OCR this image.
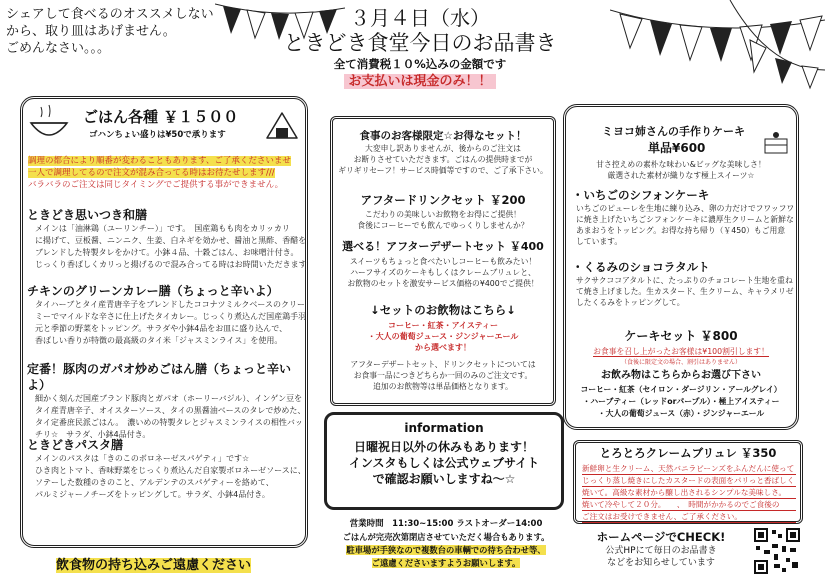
シェアして食べるのオススメしない
から、取り皿はあげません。
ごめんなさい。。。
３月４日（水）
ときどき食堂今日のお品書き
全て消費税１０%込みの金額です
お支払いは現金のみ！！
ごはん各種 ￥１５００
ゴハンちょい盛りは¥50で承ります
調理の都合により順番が変わることもあります、ご了承くださいませ
一人で調理してるので注文が混み合ってる時はお待たせします///
バラバラのご注文は同じタイミングでご提供する事ができません。
ときどき思いつき和膳
メインは「油淋鶏（ユーリンチー）」です。　国産鶏もも肉をカリッカリ
に揚げて、豆板醤、ニンニク、生姜、白ネギを効かせ、醤油と黒酢、香醋を
ブレンドした特製タレをかけて。小鉢４品、十穀ごはん、お味噌汁付き。
じっくり香ばしくカリっと揚げるので混み合ってる時はお時間いただきます
チキンのグリーンカレー膳（ちょっと辛いよ）
タイハーブとタイ産青唐辛子をブレンドしたココナツミルクベースのクリー
ミーでマイルドな辛さに仕上げたタイカレー。じっくり煮込んだ国産鶏手羽
元と季節の野菜をトッピング。サラダや小鉢4品をお皿に盛り込んで、
香ばしい香りが特徴の最高級のタイ米「ジャスミンライス」を使用。
定番！豚肉のガパオ炒めごはん膳（ちょっと辛いよ）
細かく刻んだ国産ブランド豚肉とガパオ（ホーリーバジル）、インゲン豆を
タイ産青唐辛子、オイスターソース、タイの黒醤油ベースのタレで炒めた、
タイ定番庶民派ごはん。　濃いめの特製タレとジャスミンライスの相性バッ
チリ☆　サラダ、小鉢4品付き。
ときどきパスタ膳
メインのパスタは「きのこのボロネーゼスパゲティ」です☆
ひき肉とトマト、香味野菜をじっくり煮込んだ自家製ボロネーゼソースに、
ソテーした数種のきのこと、アルデンテのスパゲティーを絡めて、
パルミジャーノチーズをトッピングして。サラダ、小鉢4品付き。
飲食物の持ち込みご遠慮ください
食事のお客様限定☆お得なセット！
大変申し訳ありませんが、後からのご注文は
お断りさせていただきます。ごはんの提供時までが
ギリギリセーフ！サービス時価等ですので、ご了承下さい。
アフタードリンクセット ￥200
こだわりの美味しいお飲物をお得にご提供！
食後にコーヒーでも飲んでゆっくりしませんか？
選べる！アフターデザートセット ￥400
スイーツもちょっと食べたいしコーヒーも飲みたい！
ハーフサイズのケーキもしくはクレームブリュレと、
お飲物のセットを激安サービス価格の¥400でご提供！
↓セットのお飲物はこちら↓
コーヒー・紅茶・アイスティー
・大人の葡萄ジュース・ジンジャーエール
から選べます！
アフターデザートセット、ドリンクセットについては
お食事一品につきどちらか一回のみのご注文です。
追加のお飲物等は単品価格となります。
information
日曜祝日以外の休みもあります！
インスタもしくは公式ウェブサイト
で確認お願いしますね～☆
営業時間　11:30~15:00 ラストオーダー14:00
ごはんが完売次第閉店させていただく場合もあります。
駐車場が手狭なので複数台の車輌での待ち合わせ等、
ご遠慮くださいますようお願いします。
ミヨコ姉さんの手作りケーキ
単品¥600
甘さ控えめの素朴な味わい&ビッグな美味しさ！
厳選された素材が織りなす極上スイーツ☆
・いちごのシフォンケーキ
いちごのピューレを生地に練り込み、卵の力だけでフワッフワ
に焼き上げたいちごシフォンケーキに濃厚生クリームと新鮮な
あまおうをトッピング。お得な持ち帰り（￥450）もご用意
しています。
・くるみのショコラタルト
サクサクココアタルトに、たっぷりのチョコレート生地を重ね
て焼き上げました。生カスタード、生クリーム、キャラメリゼ
したくるみをトッピングして。
ケーキセット ￥800
お食事を召し上がったお客様は¥100割引します！
（食後に限定文の場合、割引はありません）
お飲み物はこちらからお選び下さい
コーヒー・紅茶（セイロン・ダージリン・アールグレイ）
・ハーブティー（レッドorパープル）・極上アイスティー
・大人の葡萄ジュース（赤）・ジンジャーエール
とろとろクレームブリュレ ￥350
新鮮卵と生クリーム、天然バニラビーンズをふんだんに使って
じっくり蒸し焼きにしたカスタードの表面をパリっと香ばしく
焼いて。高級な素材から醸し出されるシンプルな美味しさ。
焼いて冷やして２０分。　　、　時間がかかるのでご食後の
ご注文はお受けできません、ご了承ください。
ホームページでCHECK!
公式HPにて毎日のお品書き
などをお知らせしています
